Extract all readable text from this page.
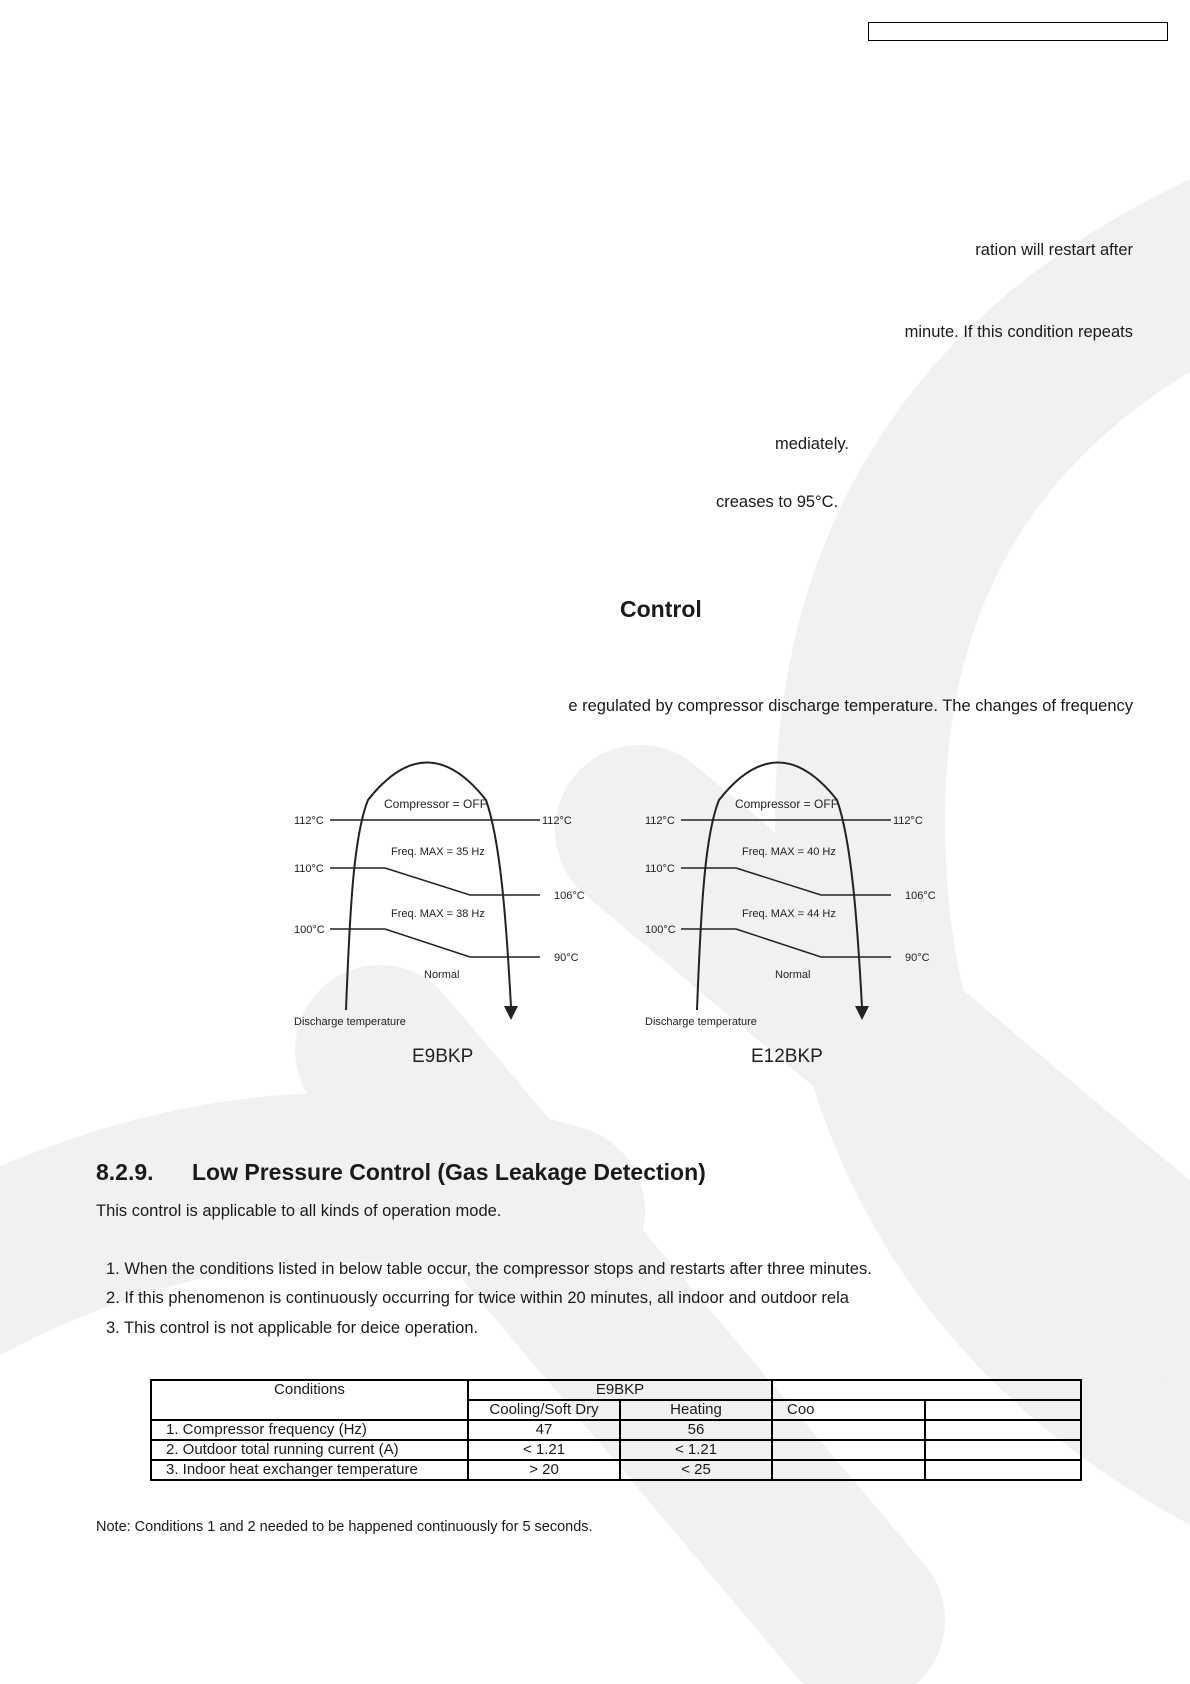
ration will restart after
minute. If this condition repeats
mediately.
creases to 95°C.
Control
e regulated by compressor discharge temperature. The changes of frequency
Compressor = OFF
112°C
110°C
100°C
112°C
106°C
90°C
Freq. MAX = 35 Hz
Freq. MAX = 38 Hz
Normal
Discharge temperature
E9BKP
Compressor = OFF
112°C
110°C
100°C
112°C
106°C
90°C
Freq. MAX = 40 Hz
Freq. MAX = 44 Hz
Normal
Discharge temperature
E12BKP
8.2.9. Low Pressure Control (Gas Leakage Detection)
This control is applicable to all kinds of operation mode.
1. When the conditions listed in below table occur, the compressor stops and restarts after three minutes.
2. If this phenomenon is continuously occurring for twice within 20 minutes, all indoor and outdoor rela
3. This control is not applicable for deice operation.
Conditions	E9BKP			
	Cooling/Soft Dry	Heating	Coo	
1. Compressor frequency (Hz)	47	56		
2. Outdoor total running current (A)	< 1.21	< 1.21		
3. Indoor heat exchanger temperature	> 20	< 25		
Note: Conditions 1 and 2 needed to be happened continuously for 5 seconds.
